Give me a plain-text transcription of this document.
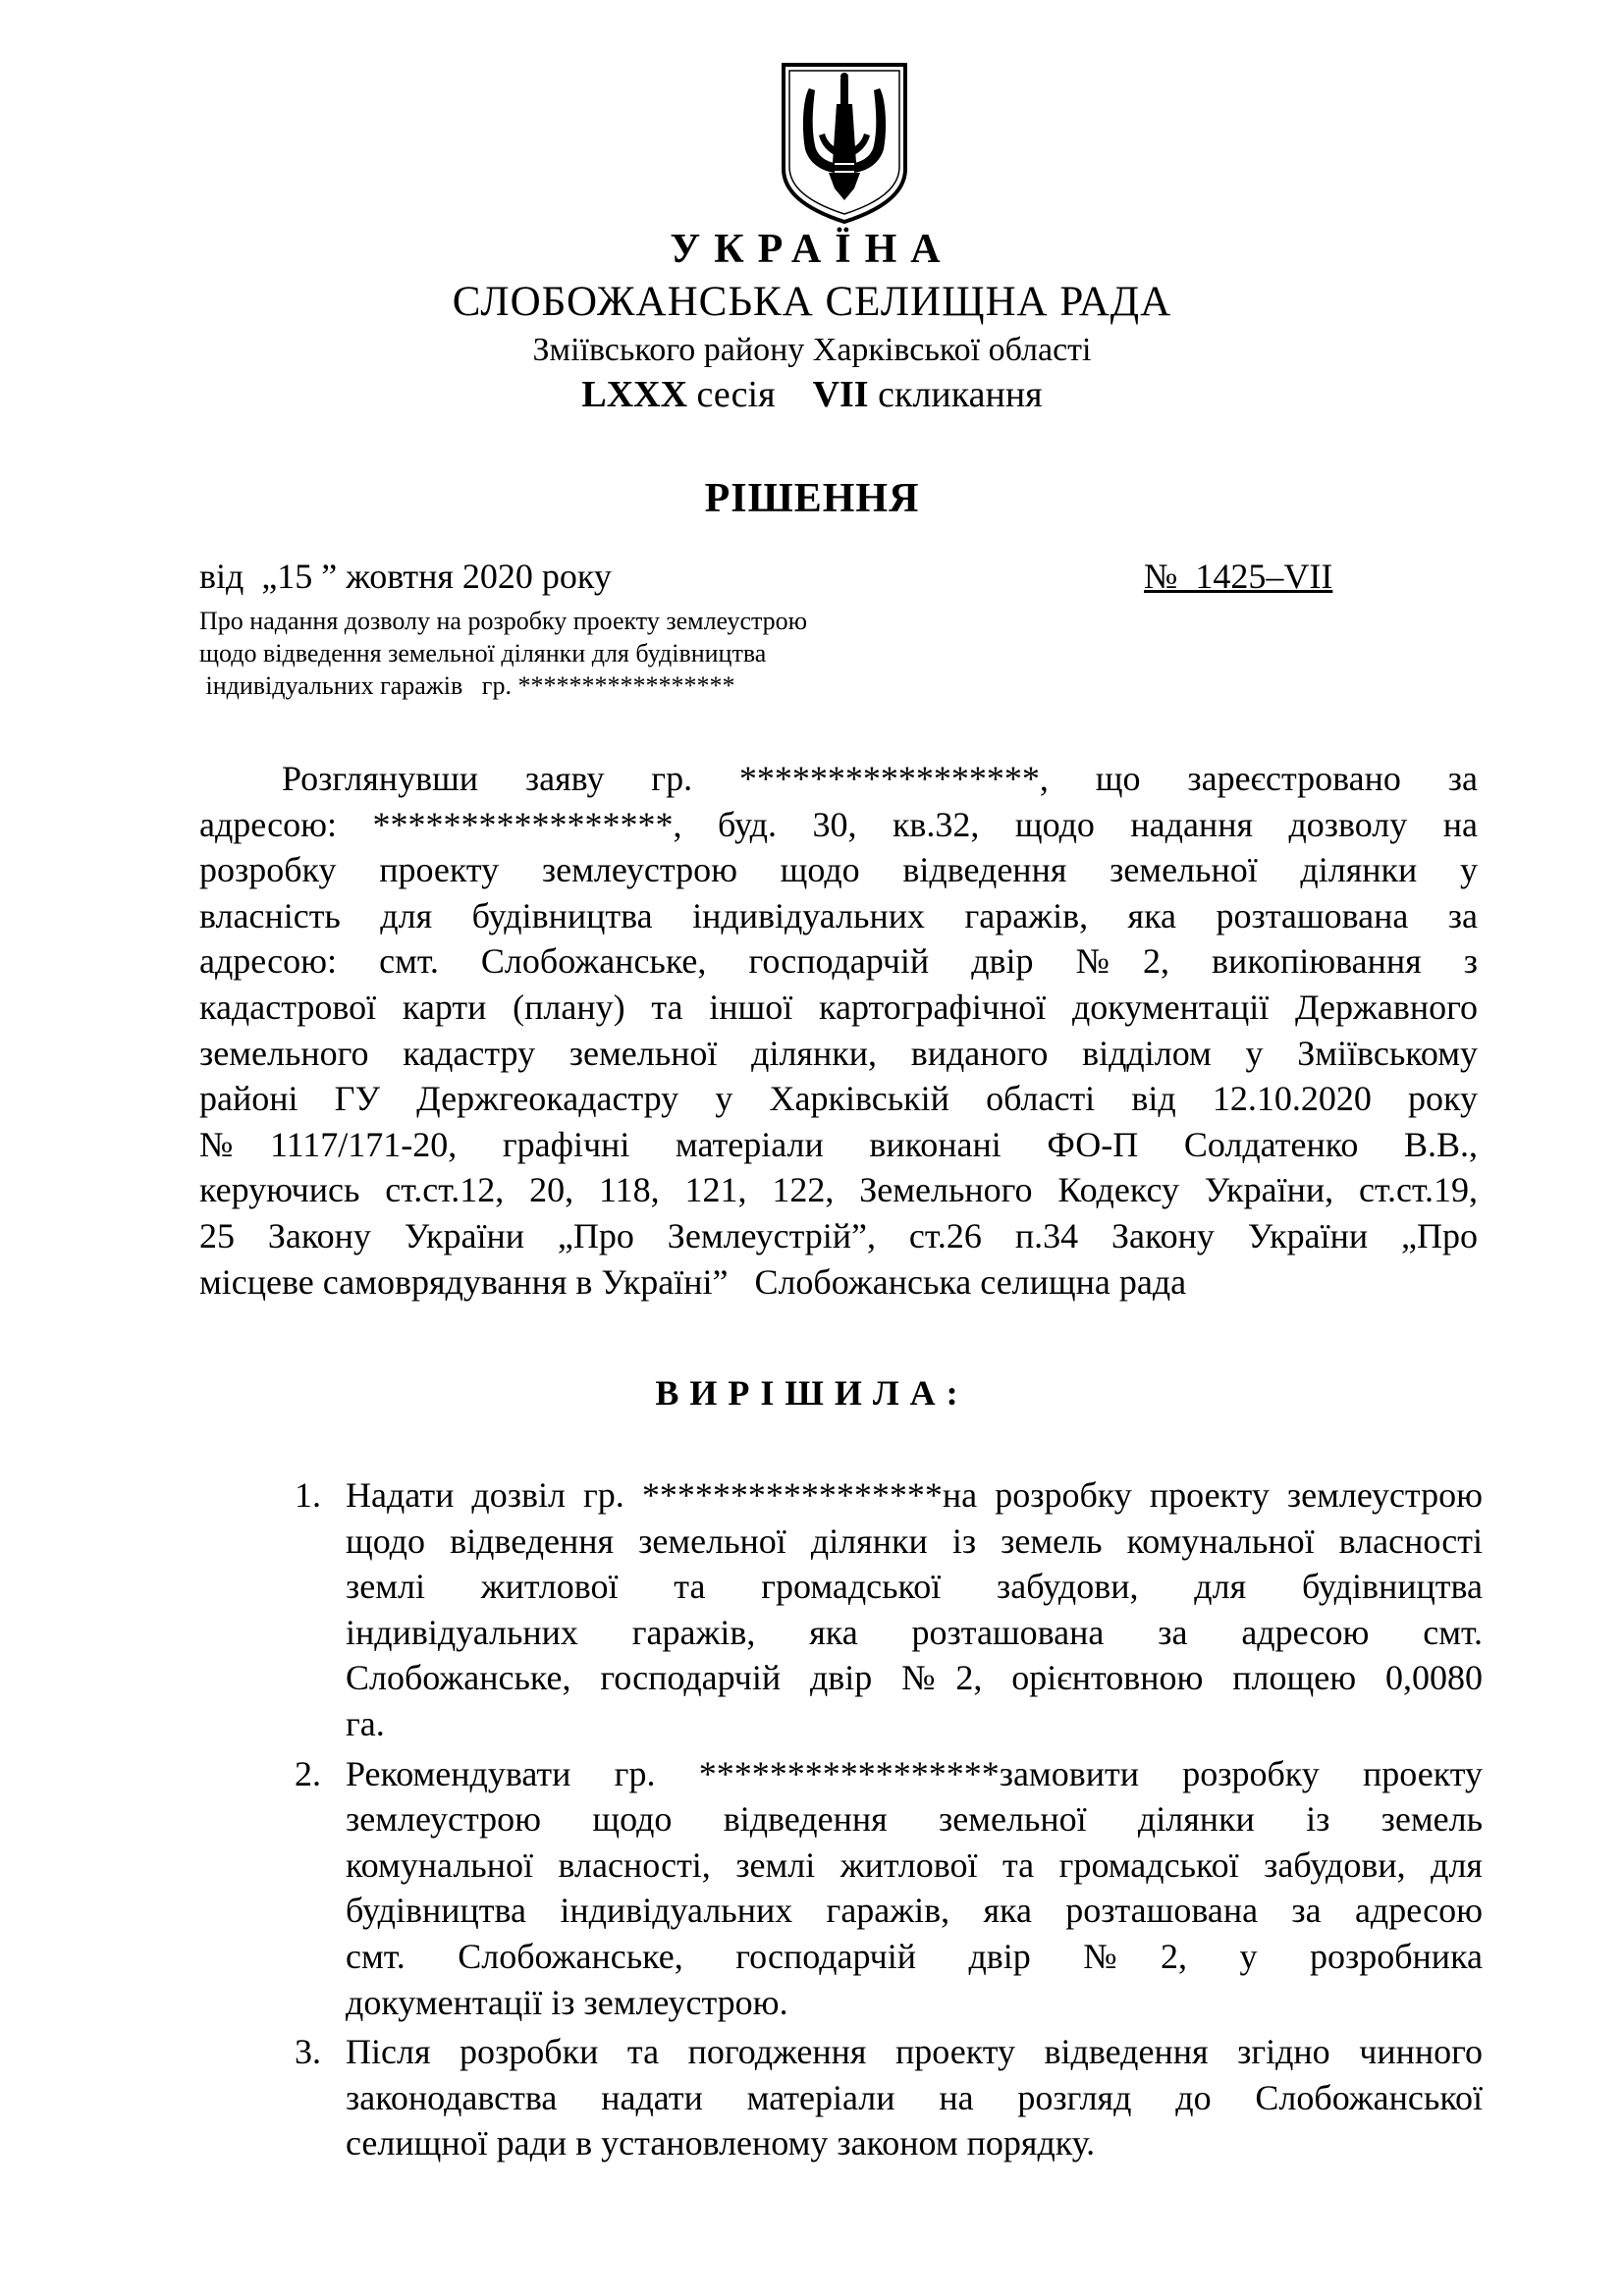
УКРАЇНА
СЛОБОЖАНСЬКА СЕЛИЩНА РАДА
Зміївського району Харківської області
LXXX сесія    VII скликання
РІШЕННЯ
від  „15 ” жовтня 2020 року	№  1425–VII
Про надання дозволу на розробку проекту землеустрою
щодо відведення земельної ділянки для будівництва
індивідуальних гаражів   гр. *****************
Розглянувши заяву гр. *****************, що зареєстровано за
адресою: *****************, буд. 30, кв.32, щодо надання дозволу на
розробку проекту землеустрою щодо відведення земельної ділянки у
власність для будівництва індивідуальних гаражів, яка розташована за
адресою: смт. Слобожанське, господарчій двір №2, викопіювання з
кадастрової карти (плану) та іншої картографічної документації Державного
земельного кадастру земельної ділянки, виданого відділом у Зміївському
районі ГУ Держгеокадастру у Харківській області від 12.10.2020 року
№1117/171-20, графічні матеріали виконані ФО-П Солдатенко В.В.,
керуючись ст.ст.12, 20, 118, 121, 122, Земельного Кодексу України, ст.ст.19,
25 Закону України „Про Землеустрій”, ст.26 п.34 Закону України „Про
місцеве самоврядування в Україні”   Слобожанська селищна рада
ВИРІШИЛА:
1. Надати дозвіл гр. *****************на розробку проекту землеустрою
щодо відведення земельної ділянки із земель комунальної власності
землі житлової та громадської забудови, для будівництва
індивідуальних гаражів, яка розташована за адресою смт.
Слобожанське, господарчій двір №2, орієнтовною площею 0,0080
га.
2. Рекомендувати гр. *****************замовити розробку проекту
землеустрою щодо відведення земельної ділянки із земель
комунальної власності, землі житлової та громадської забудови, для
будівництва індивідуальних гаражів, яка розташована за адресою
смт. Слобожанське, господарчій двір №2, у розробника
документації із землеустрою.
3. Після розробки та погодження проекту відведення згідно чинного
законодавства надати матеріали на розгляд до Слобожанської
селищної ради в установленому законом порядку.
